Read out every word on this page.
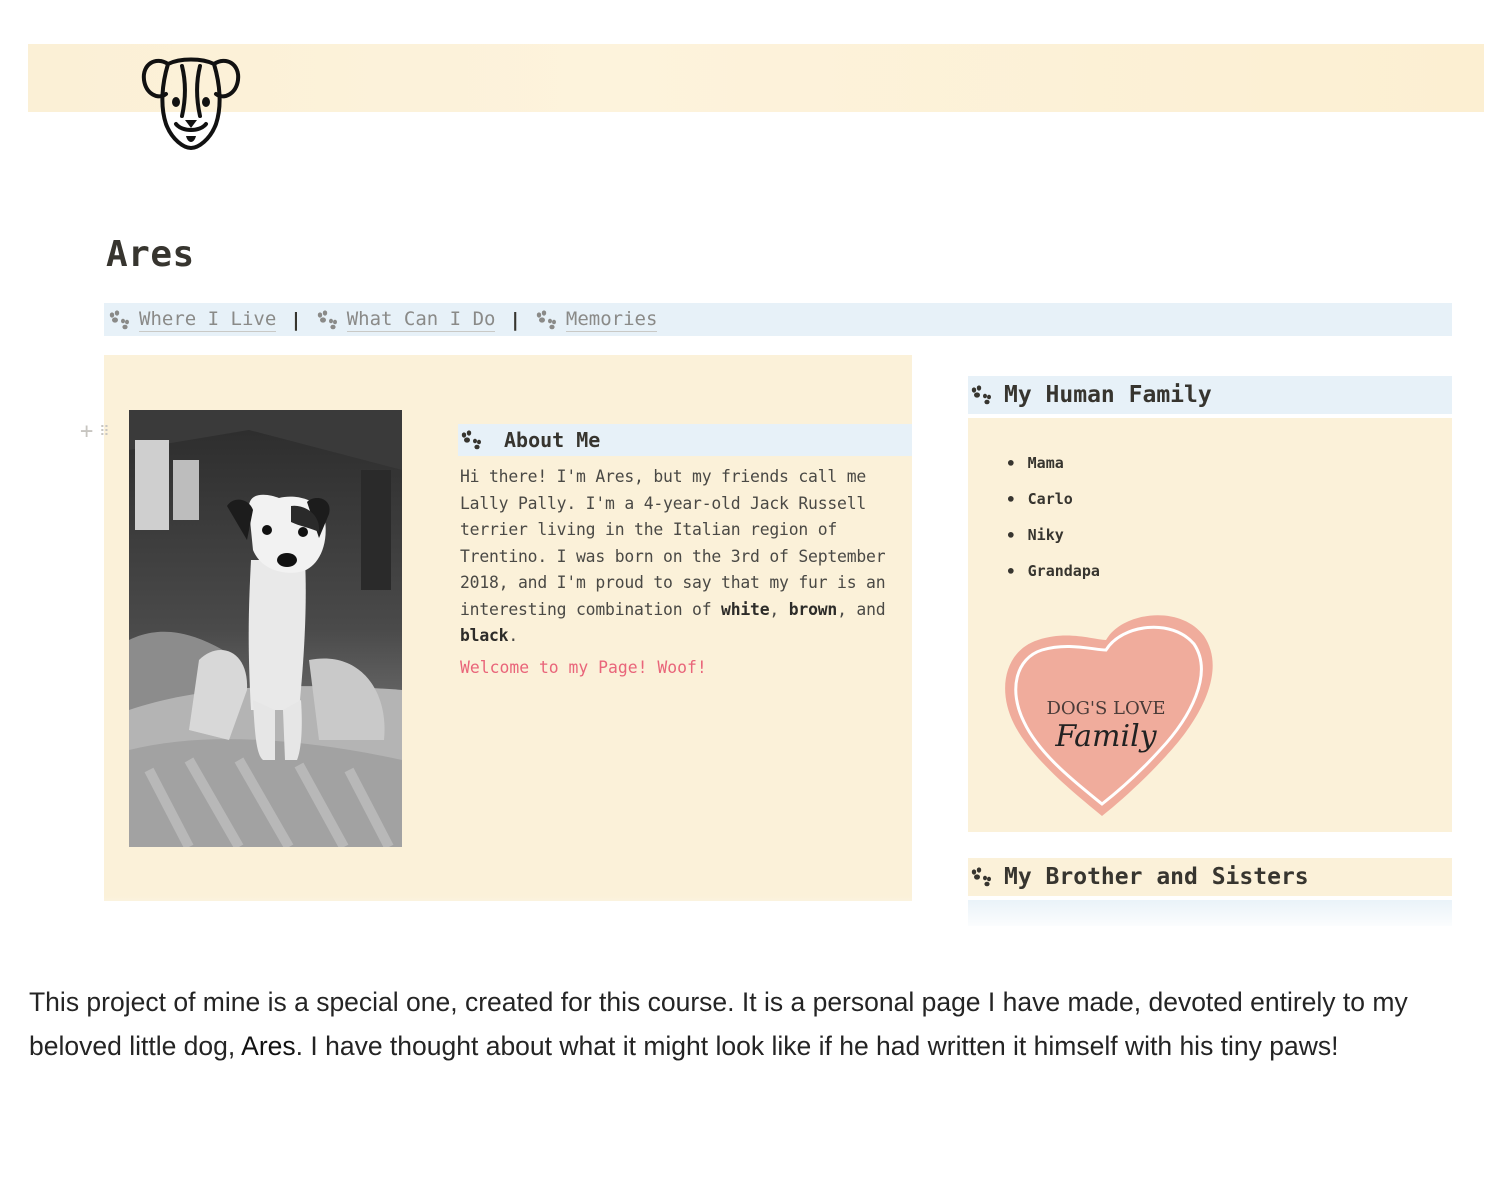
Ares
Where I Live | What Can I Do | Memories
+ ⠿	About Me

Hi there! I'm Ares, but my friends call me Lally Pally. I'm a 4-year-old Jack Russell terrier living in the Italian region of Trentino. I was born on the 3rd of September 2018, and I'm proud to say that my fur is an interesting combination of white, brown, and black.

Welcome to my Page! Woof!

My Human Family
• Mama
• Carlo
• Niky
• Grandapa
DOG'S LOVE
Family
My Brother and Sisters

This project of mine is a special one, created for this course. It is a personal page I have made, devoted entirely to my beloved little dog, Ares. I have thought about what it might look like if he had written it himself with his tiny paws!
